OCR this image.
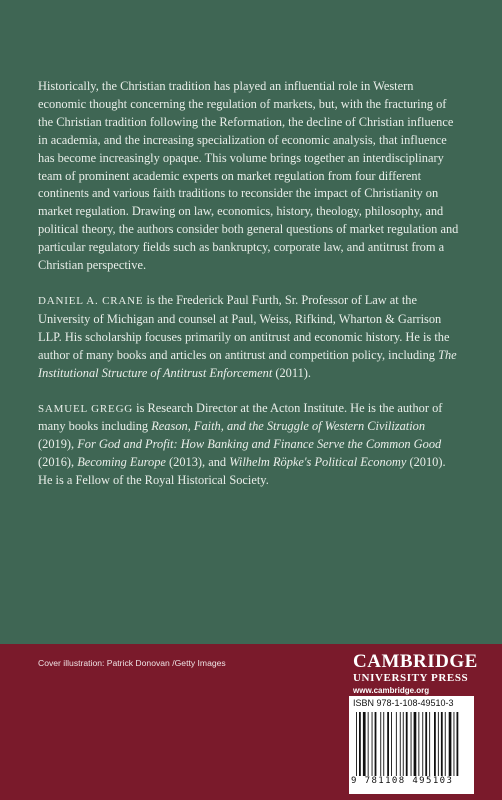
Historically, the Christian tradition has played an influential role in Western economic thought concerning the regulation of markets, but, with the fracturing of the Christian tradition following the Reformation, the decline of Christian influence in academia, and the increasing specialization of economic analysis, that influence has become increasingly opaque. This volume brings together an interdisciplinary team of prominent academic experts on market regulation from four different continents and various faith traditions to reconsider the impact of Christianity on market regulation. Drawing on law, economics, history, theology, philosophy, and political theory, the authors consider both general questions of market regulation and particular regulatory fields such as bankruptcy, corporate law, and antitrust from a Christian perspective.

DANIEL A. CRANE is the Frederick Paul Furth, Sr. Professor of Law at the University of Michigan and counsel at Paul, Weiss, Rifkind, Wharton & Garrison LLP. His scholarship focuses primarily on antitrust and economic history. He is the author of many books and articles on antitrust and competition policy, including The Institutional Structure of Antitrust Enforcement (2011).

SAMUEL GREGG is Research Director at the Acton Institute. He is the author of many books including Reason, Faith, and the Struggle of Western Civilization (2019), For God and Profit: How Banking and Finance Serve the Common Good (2016), Becoming Europe (2013), and Wilhelm Röpke's Political Economy (2010). He is a Fellow of the Royal Historical Society.

Cover illustration: Patrick Donovan /Getty Images	CAMBRIDGE
UNIVERSITY PRESS
www.cambridge.org
ISBN 978-1-108-49510-3
9 781108 495103
